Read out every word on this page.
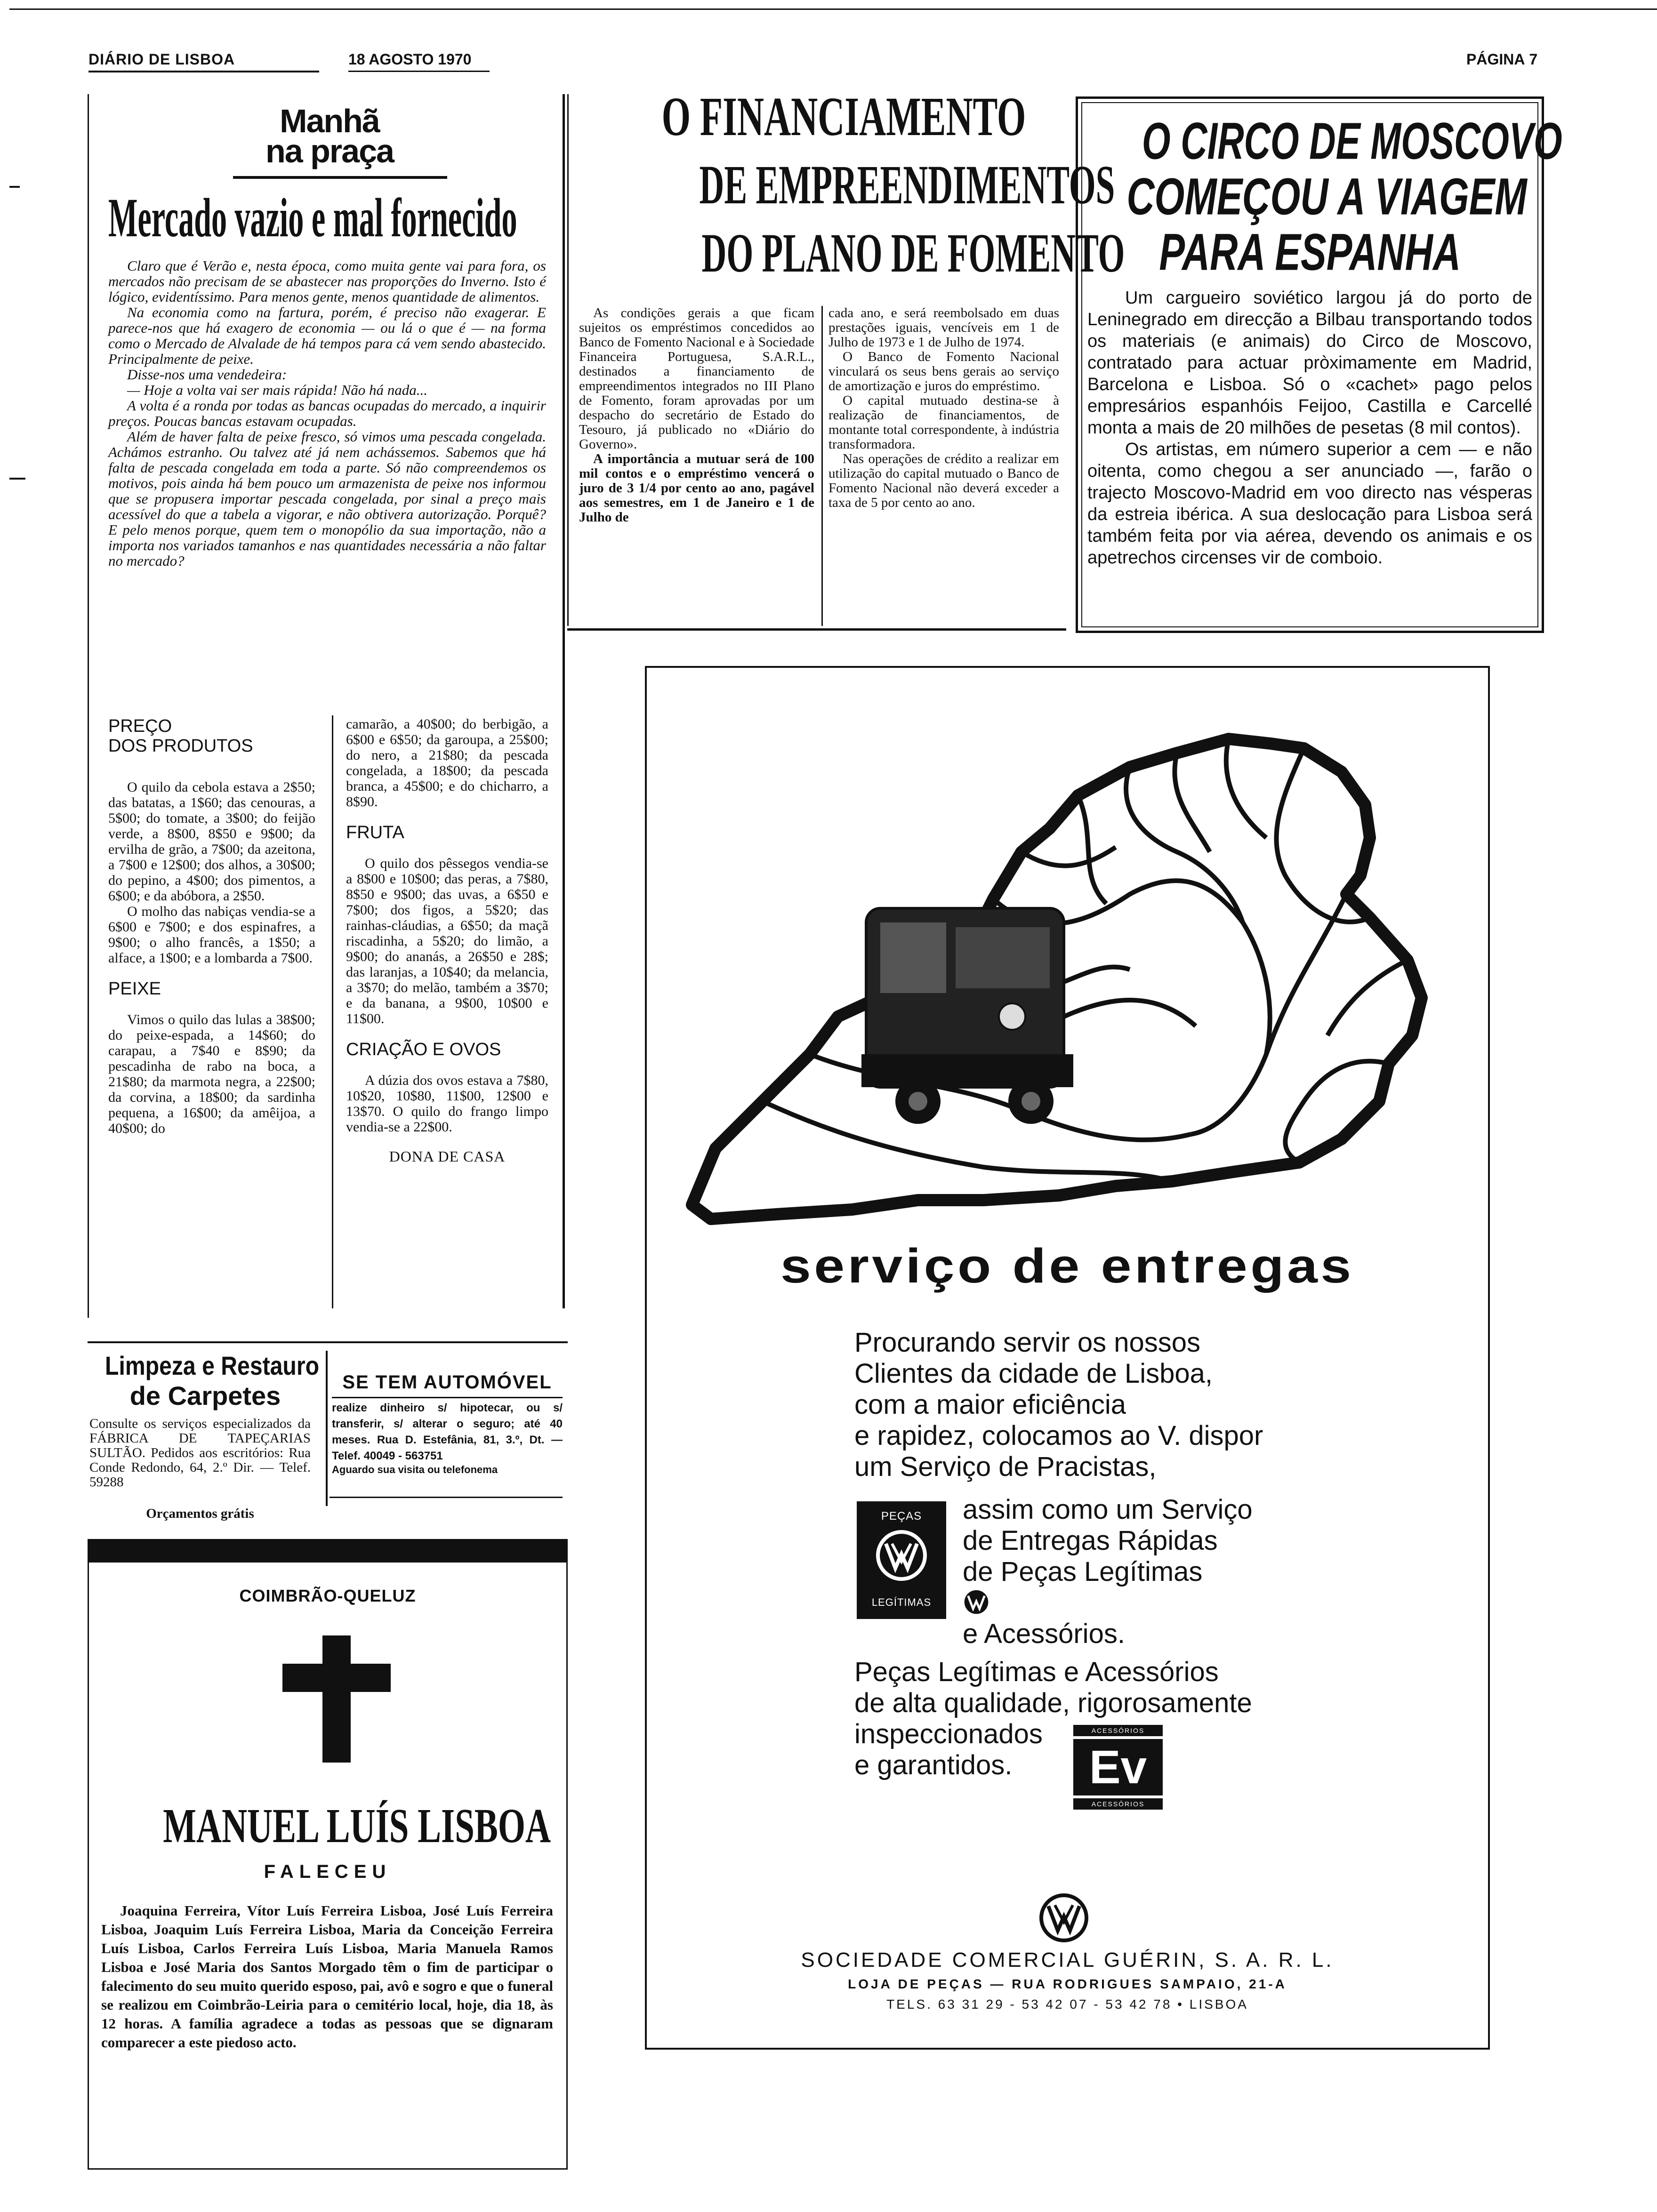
DIÁRIO DE LISBOA	18 AGOSTO 1970	PÁGINA 7
Manhã
na praça
Mercado vazio e mal fornecido

Claro que é Verão e, nesta época, como muita gente vai para fora, os mercados não precisam de se abastecer nas proporções do Inverno. Isto é lógico, evidentíssimo. Para menos gente, menos quantidade de alimentos.

Na economia como na fartura, porém, é preciso não exagerar. E parece-nos que há exagero de economia — ou lá o que é — na forma como o Mercado de Alvalade de há tempos para cá vem sendo abastecido. Principalmente de peixe.

Disse-nos uma vendedeira:

— Hoje a volta vai ser mais rápida! Não há nada...

A volta é a ronda por todas as bancas ocupadas do mercado, a inquirir preços. Poucas bancas estavam ocupadas.

Além de haver falta de peixe fresco, só vimos uma pescada congelada. Achámos estranho. Ou talvez até já nem achássemos. Sabemos que há falta de pescada congelada em toda a parte. Só não compreendemos os motivos, pois ainda há bem pouco um armazenista de peixe nos informou que se propusera importar pescada congelada, por sinal a preço mais acessível do que a tabela a vigorar, e não obtivera autorização. Porquê? E pelo menos porque, quem tem o monopólio da sua importação, não a importa nos variados tamanhos e nas quantidades necessária a não faltar no mercado?

PREÇO
DOS PRODUTOS

O quilo da cebola estava a 2$50; das batatas, a 1$60; das cenouras, a 5$00; do tomate, a 3$00; do feijão verde, a 8$00, 8$50 e 9$00; da ervilha de grão, a 7$00; da azeitona, a 7$00 e 12$00; dos alhos, a 30$00; do pepino, a 4$00; dos pimentos, a 6$00; e da abóbora, a 2$50.

O molho das nabiças vendia-se a 6$00 e 7$00; e dos espinafres, a 9$00; o alho francês, a 1$50; a alface, a 1$00; e a lombarda a 7$00.

PEIXE

Vimos o quilo das lulas a 38$00; do peixe-espada, a 14$60; do carapau, a 7$40 e 8$90; da pescadinha de rabo na boca, a 21$80; da marmota negra, a 22$00; da corvina, a 18$00; da sardinha pequena, a 16$00; da amêijoa, a 40$00; do

camarão, a 40$00; do berbigão, a 6$00 e 6$50; da garoupa, a 25$00; do nero, a 21$80; da pescada congelada, a 18$00; da pescada branca, a 45$00; e do chicharro, a 8$90.

FRUTA

O quilo dos pêssegos vendia-se a 8$00 e 10$00; das peras, a 7$80, 8$50 e 9$00; das uvas, a 6$50 e 7$00; dos figos, a 5$20; das rainhas-cláudias, a 6$50; da maçã riscadinha, a 5$20; do limão, a 9$00; do ananás, a 26$50 e 28$; das laranjas, a 10$40; da melancia, a 3$70; do melão, também a 3$70; e da banana, a 9$00, 10$00 e 11$00.

CRIAÇÃO E OVOS

A dúzia dos ovos estava a 7$80, 10$20, 10$80, 11$00, 12$00 e 13$70. O quilo do frango limpo vendia-se a 22$00.

DONA DE CASA
O FINANCIAMENTO
DE EMPREENDIMENTOS
DO PLANO DE FOMENTO

As condições gerais a que ficam sujeitos os empréstimos concedidos ao Banco de Fomento Nacional e à Sociedade Financeira Portuguesa, S.A.R.L., destinados a financiamento de empreendimentos integrados no III Plano de Fomento, foram aprovadas por um despacho do secretário de Estado do Tesouro, já publicado no «Diário do Governo».

A importância a mutuar será de 100 mil contos e o empréstimo vencerá o juro de 3 1/4 por cento ao ano, pagável aos semestres, em 1 de Janeiro e 1 de Julho de

cada ano, e será reembolsado em duas prestações iguais, vencíveis em 1 de Julho de 1973 e 1 de Julho de 1974.

O Banco de Fomento Nacional vinculará os seus bens gerais ao serviço de amortização e juros do empréstimo.

O capital mutuado destina-se à realização de financiamentos, de montante total correspondente, à indústria transformadora.

Nas operações de crédito a realizar em utilização do capital mutuado o Banco de Fomento Nacional não deverá exceder a taxa de 5 por cento ao ano.

O CIRCO DE MOSCOVO
COMEÇOU A VIAGEM
PARA ESPANHA

Um cargueiro soviético largou já do porto de Leninegrado em direcção a Bilbau transportando todos os materiais (e animais) do Circo de Moscovo, contratado para actuar pròximamente em Madrid, Barcelona e Lisboa. Só o «cachet» pago pelos empresários espanhóis Feijoo, Castilla e Carcellé monta a mais de 20 milhões de pesetas (8 mil contos).

Os artistas, em número superior a cem — e não oitenta, como chegou a ser anunciado —, farão o trajecto Moscovo-Madrid em voo directo nas vésperas da estreia ibérica. A sua deslocação para Lisboa será também feita por via aérea, devendo os animais e os apetrechos circenses vir de comboio.

Limpeza e Restauro
de Carpetes
Consulte os serviços especializados da FÁBRICA DE TAPEÇARIAS SULTÃO. Pedidos aos escritórios: Rua Conde Redondo, 64, 2.º Dir. — Telef. 59288
Orçamentos grátis
SE TEM AUTOMÓVEL
realize dinheiro s/ hipotecar, ou s/ transferir, s/ alterar o seguro; até 40 meses. Rua D. Estefânia, 81, 3.º, Dt. — Telef. 40049 - 563751
Aguardo sua visita ou telefonema
COIMBRÃO-QUELUZ
MANUEL LUÍS LISBOA
FALECEU
Joaquina Ferreira, Vítor Luís Ferreira Lisboa, José Luís Ferreira Lisboa, Joaquim Luís Ferreira Lisboa, Maria da Conceição Ferreira Luís Lisboa, Carlos Ferreira Luís Lisboa, Maria Manuela Ramos Lisboa e José Maria dos Santos Morgado têm o fim de participar o falecimento do seu muito querido esposo, pai, avô e sogro e que o funeral se realizou em Coimbrão-Leiria para o cemitério local, hoje, dia 18, às 12 horas. A família agradece a todas as pessoas que se dignaram comparecer a este piedoso acto.
serviço de entregas
Procurando servir os nossos
Clientes da cidade de Lisboa,
com a maior eficiência
e rapidez, colocamos ao V. dispor
um Serviço de Pracistas,
PEÇAS
LEGÍTIMAS
assim como um Serviço
de Entregas Rápidas
de Peças Legítimas
e Acessórios.
Peças Legítimas e Acessórios
de alta qualidade, rigorosamente
inspeccionados
e garantidos.
ACESSÓRIOS
Ev
ACESSÓRIOS
SOCIEDADE COMERCIAL GUÉRIN, S. A. R. L.
LOJA DE PEÇAS — RUA RODRIGUES SAMPAIO, 21-A
TELS. 63 31 29 - 53 42 07 - 53 42 78 • LISBOA
